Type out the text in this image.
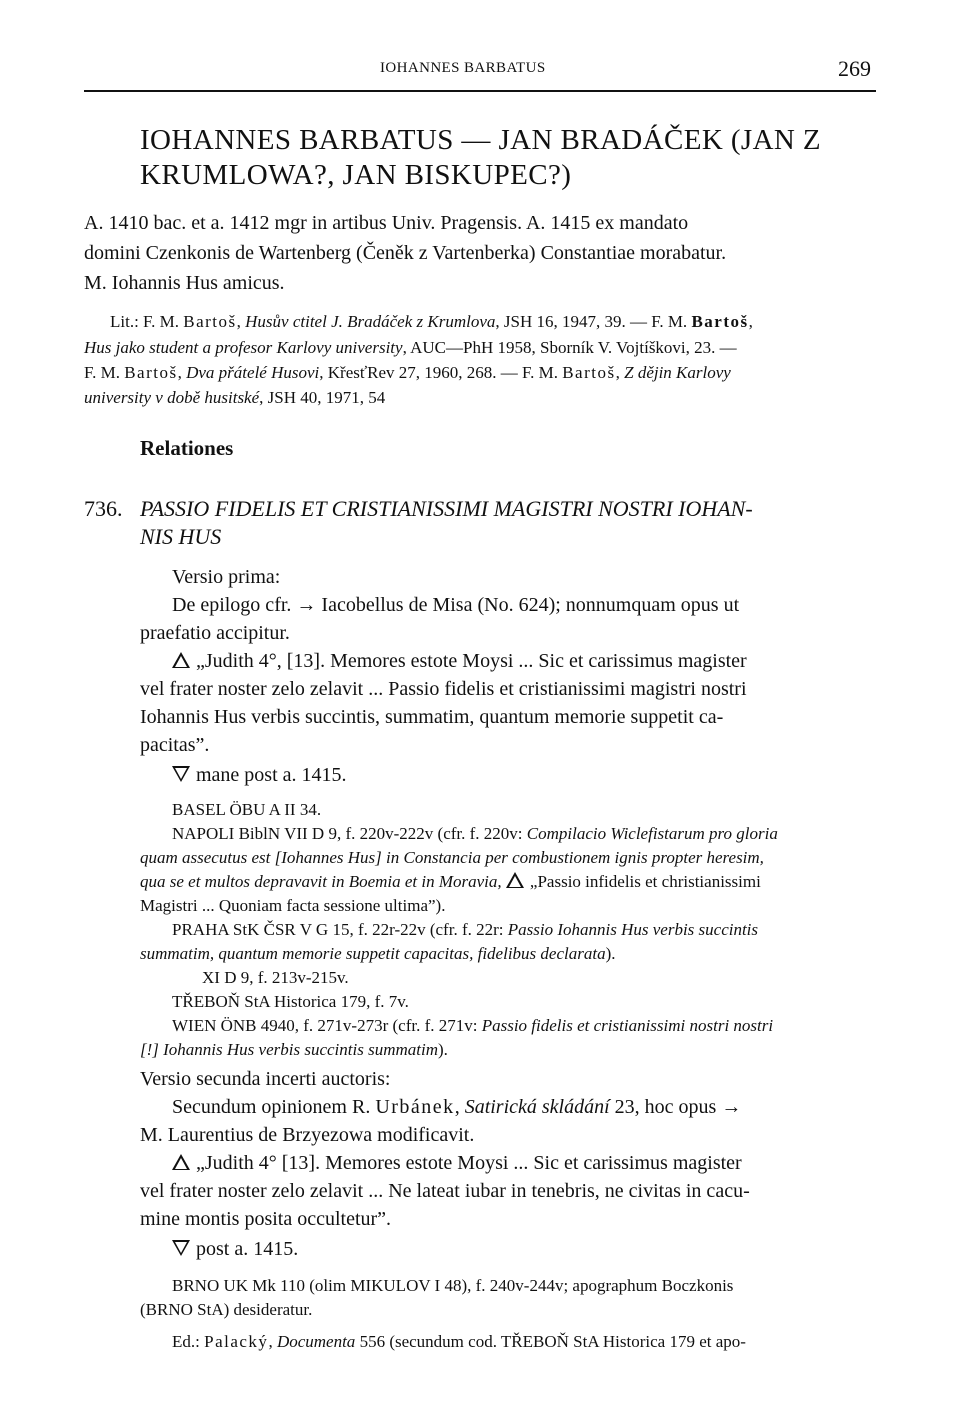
IOHANNES BARBATUS	269
IOHANNES BARBATUS — JAN BRADÁČEK (JAN Z
KRUMLOWA?, JAN BISKUPEC?)
A. 1410 bac. et a. 1412 mgr in artibus Univ. Pragensis. A. 1415 ex mandato
domini Czenkonis de Wartenberg (Čeněk z Vartenberka) Constantiae morabatur.
M. Iohannis Hus amicus.
Lit.: F. M. Bartoš, Husův ctitel J. Bradáček z Krumlova, JSH 16, 1947, 39. — F. M. Bartoš,
Hus jako student a profesor Karlovy university, AUC—PhH 1958, Sborník V. Vojtíškovi, 23. —
F. M. Bartoš, Dva přátelé Husovi, KřesťRev 27, 1960, 268. — F. M. Bartoš, Z dějin Karlovy
university v době husitské, JSH 40, 1971, 54
Relationes
736. PASSIO FIDELIS ET CRISTIANISSIMI MAGISTRI NOSTRI IOHAN-
NIS HUS
Versio prima:
De epilogo cfr. → Iacobellus de Misa (No. 624); nonnumquam opus ut
praefatio accipitur.
„Judith 4°, [13]. Memores estote Moysi ... Sic et carissimus magister
vel frater noster zelo zelavit ... Passio fidelis et cristianissimi magistri nostri
Iohannis Hus verbis succintis, summatim, quantum memorie suppetit ca-
pacitas”.
mane post a. 1415.
BASEL ÖBU A II 34.
NAPOLI BiblN VII D 9, f. 220v-222v (cfr. f. 220v: Compilacio Wiclefistarum pro gloria
quam assecutus est [Iohannes Hus] in Constancia per combustionem ignis propter heresim,
qua se et multos depravavit in Boemia et in Moravia, „Passio infidelis et christianissimi
Magistri ... Quoniam facta sessione ultima”).
PRAHA StK ČSR V G 15, f. 22r-22v (cfr. f. 22r: Passio Iohannis Hus verbis succintis
summatim, quantum memorie suppetit capacitas, fidelibus declarata).
XI D 9, f. 213v-215v.
TŘEBOŇ StA Historica 179, f. 7v.
WIEN ÖNB 4940, f. 271v-273r (cfr. f. 271v: Passio fidelis et cristianissimi nostri nostri
[!] Iohannis Hus verbis succintis summatim).
Versio secunda incerti auctoris:
Secundum opinionem R. Urbánek, Satirická skládání 23, hoc opus →
M. Laurentius de Brzyezowa modificavit.
„Judith 4° [13]. Memores estote Moysi ... Sic et carissimus magister
vel frater noster zelo zelavit ... Ne lateat iubar in tenebris, ne civitas in cacu-
mine montis posita occultetur”.
post a. 1415.
BRNO UK Mk 110 (olim MIKULOV I 48), f. 240v-244v; apographum Boczkonis
(BRNO StA) desideratur.
Ed.: Palacký, Documenta 556 (secundum cod. TŘEBOŇ StA Historica 179 et apo-
